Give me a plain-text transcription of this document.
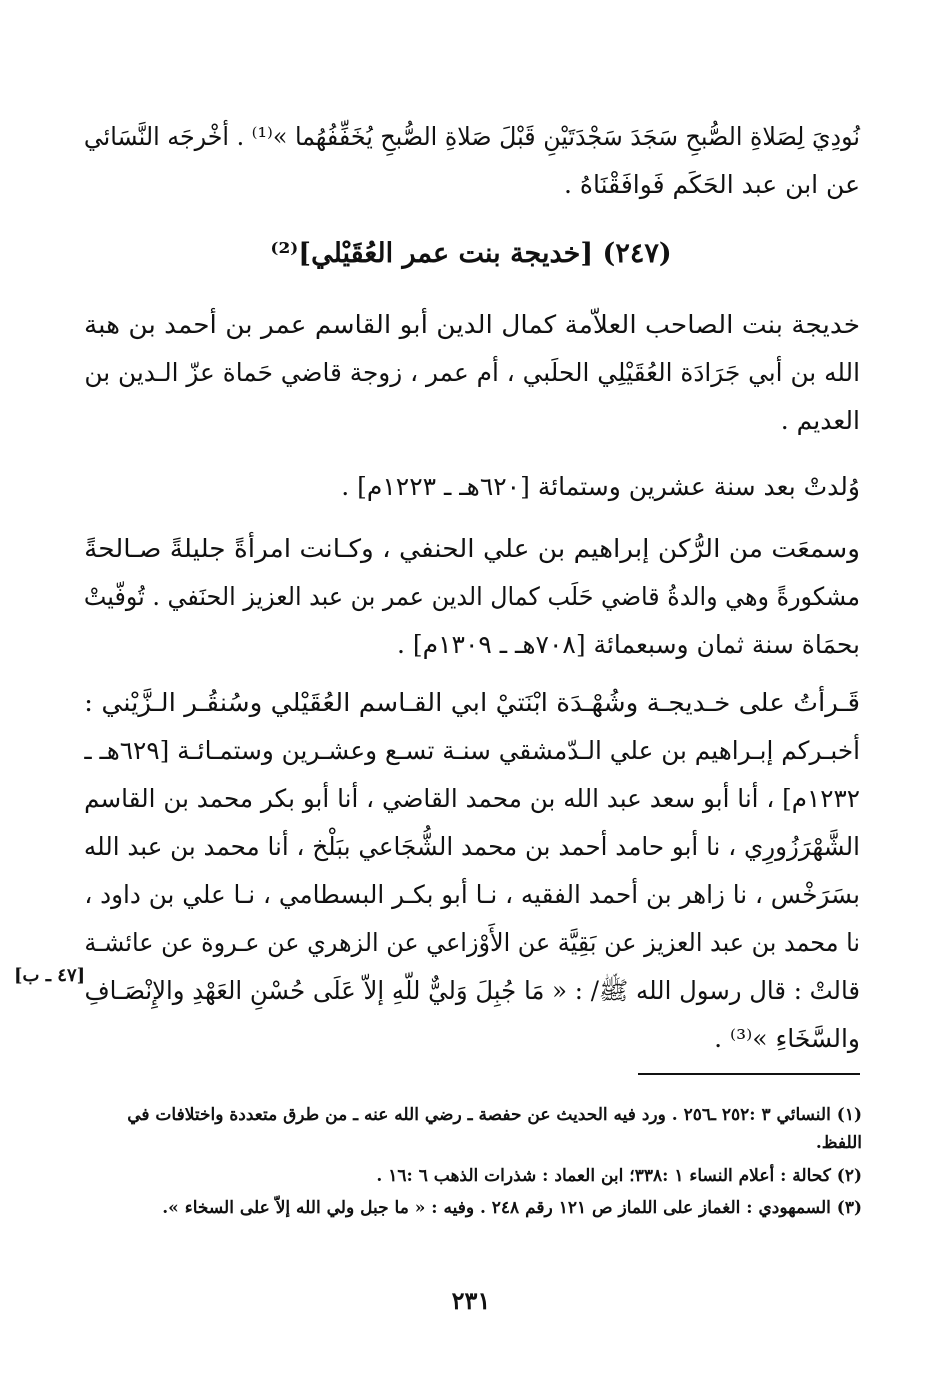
نُودِيَ لِصَلاةِ الصُّبحِ سَجَدَ سَجْدَتَيْنِ قَبْلَ صَلاةِ الصُّبحِ يُخَفِّفُهُما »⁽¹⁾ . أخْرجَه النَّسَائي
عن ابن عبد الحَكَم فَوافَقْنَاهُ .
(٢٤٧) [خديجة بنت عمر العُقَيْلي]⁽²⁾
خديجة بنت الصاحب العلاّمة كمال الدين أبو القاسم عمر بن أحمد بن هبة
الله بن أبي جَرَادَة العُقَيْلِي الحلَبي ، أم عمر ، زوجة قاضي حَماة عزّ الـدين بن
العديم .
وُلدتْ بعد سنة عشرين وستمائة [٦٢٠هـ ـ ١٢٢٣م] .
وسمعَت من الرُّكن إبراهيم بن علي الحنفي ، وكـانت امرأةً جليلةً صـالحةً
مشكورةً وهي والدةُ قاضي حَلَب كمال الدين عمر بن عبد العزيز الحنَفي . تُوفّيتْ
بحمَاة سنة ثمان وسبعمائة [٧٠٨هـ ـ ١٣٠٩م] .
قَـرأتُ على خـديجـة وشُهْـدَة ابْنَتيْ ابي القـاسم العُقَيْلي وسُنقُـر الـزَّيْني :
أخبـركم إبـراهيم بن علي الـدّمشقي سنـة تسـع وعشـرين وستمـائـة [٦٢٩هـ ـ
١٢٣٢م] ، أنا أبو سعد عبد الله بن محمد القاضي ، أنا أبو بكر محمد بن القاسم
الشَّهْرَزُورِي ، نا أبو حامد أحمد بن محمد الشُّجَاعي ببَلْخ ، أنا محمد بن عبد الله
بسَرَخْس ، نا زاهر بن أحمد الفقيه ، نـا أبو بكـر البسطامي ، نـا علي بن داود ،
نا محمد بن عبد العزيز عن بَقِيَّة عن الأَوْزاعي عن الزهري عن عـروة عن عائشـة
قالتْ : قال رسول الله ﷺ/ : « مَا جُبِلَ وَليٌّ للّهِ إلاّ عَلَى حُسْنِ العَهْدِ والإِنْصَـافِ
والسَّخَاءِ »⁽³⁾ .
[٤٧ ـ ب]
(١) النسائي ٣ :٢٥٢ ـ٢٥٦ . ورد فيه الحديث عن حفصة ـ رضي الله عنه ـ من طرق متعددة واختلافات في
اللفظ.
(٢) كحالة : أعلام النساء ١ :٣٣٨؛ ابن العماد : شذرات الذهب ٦ :١٦ .
(٣) السمهودي : الغماز على اللماز ص ١٢١ رقم ٢٤٨ . وفيه : « ما جبل ولي الله إلاّ على السخاء ».
٢٣١
